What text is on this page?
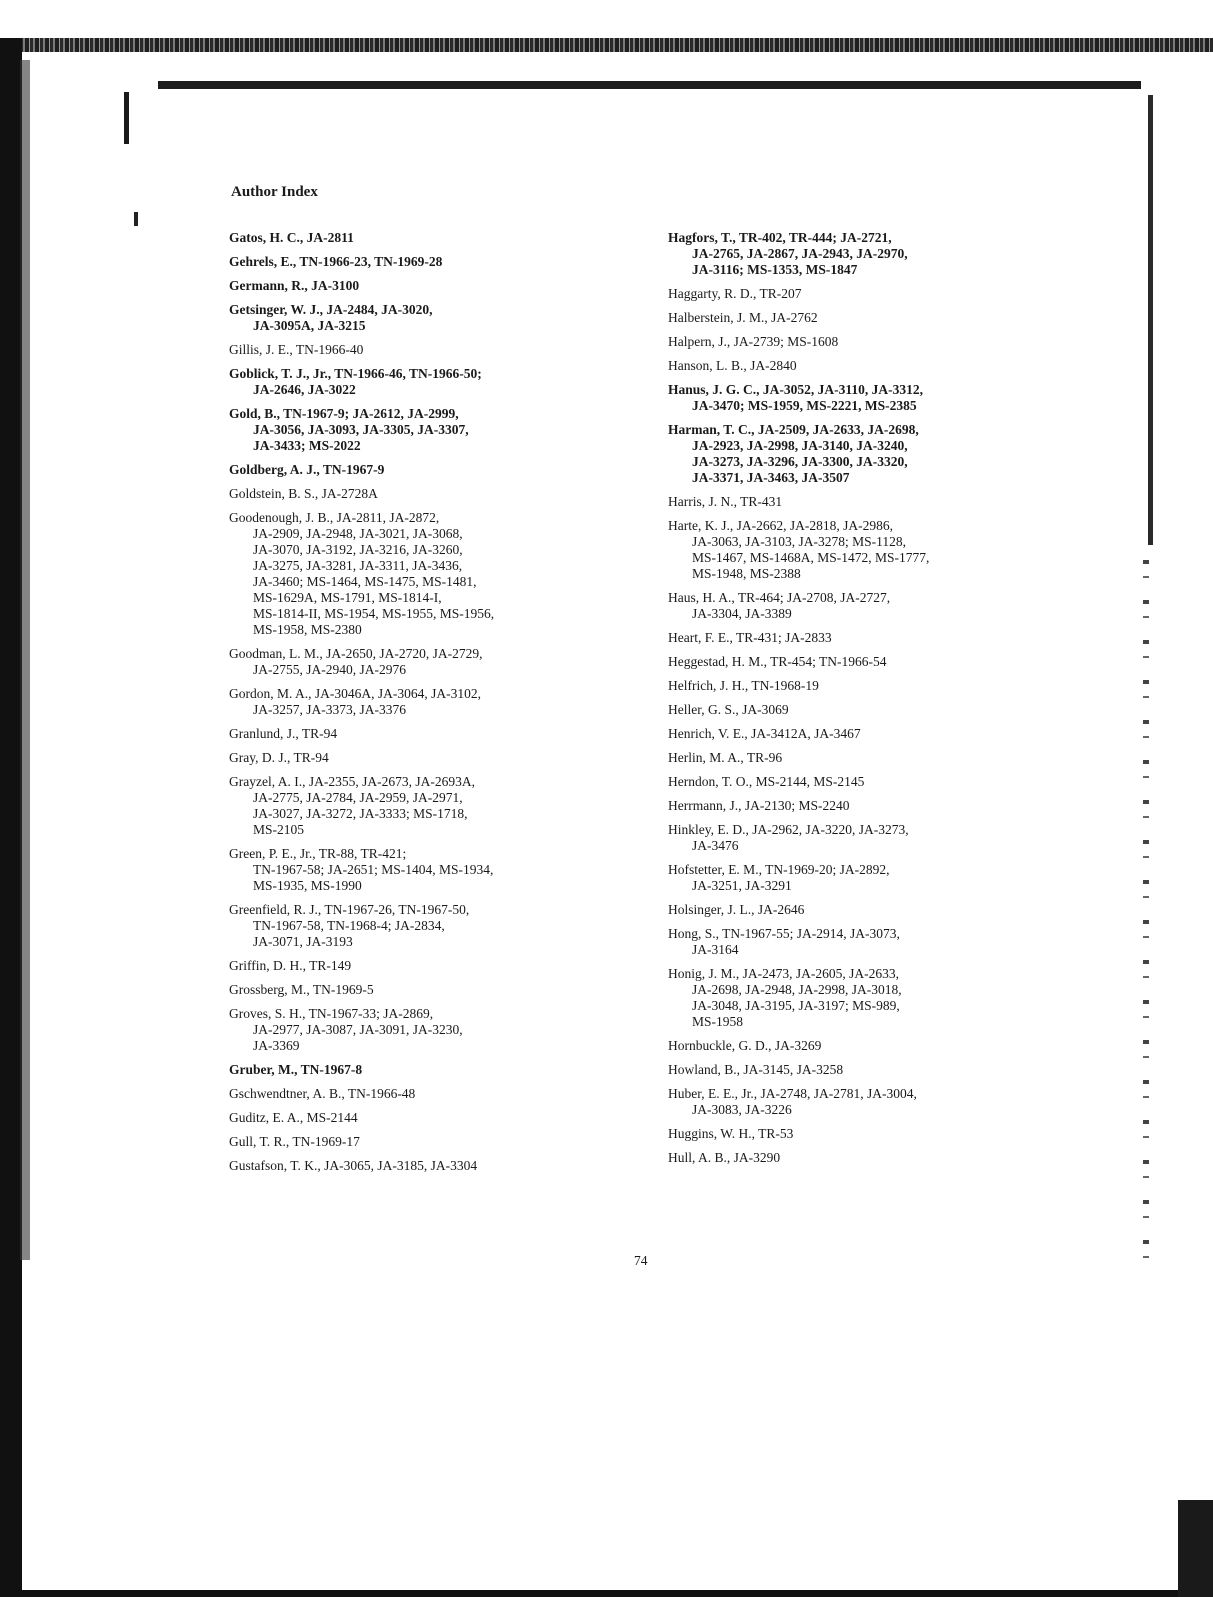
Author Index
Gatos, H. C., JA-2811
Gehrels, E., TN-1966-23, TN-1969-28
Germann, R., JA-3100
Getsinger, W. J., JA-2484, JA-3020,
JA-3095A, JA-3215
Gillis, J. E., TN-1966-40
Goblick, T. J., Jr., TN-1966-46, TN-1966-50;
JA-2646, JA-3022
Gold, B., TN-1967-9; JA-2612, JA-2999,
JA-3056, JA-3093, JA-3305, JA-3307,
JA-3433; MS-2022
Goldberg, A. J., TN-1967-9
Goldstein, B. S., JA-2728A
Goodenough, J. B., JA-2811, JA-2872,
JA-2909, JA-2948, JA-3021, JA-3068,
JA-3070, JA-3192, JA-3216, JA-3260,
JA-3275, JA-3281, JA-3311, JA-3436,
JA-3460; MS-1464, MS-1475, MS-1481,
MS-1629A, MS-1791, MS-1814-I,
MS-1814-II, MS-1954, MS-1955, MS-1956,
MS-1958, MS-2380
Goodman, L. M., JA-2650, JA-2720, JA-2729,
JA-2755, JA-2940, JA-2976
Gordon, M. A., JA-3046A, JA-3064, JA-3102,
JA-3257, JA-3373, JA-3376
Granlund, J., TR-94
Gray, D. J., TR-94
Grayzel, A. I., JA-2355, JA-2673, JA-2693A,
JA-2775, JA-2784, JA-2959, JA-2971,
JA-3027, JA-3272, JA-3333; MS-1718,
MS-2105
Green, P. E., Jr., TR-88, TR-421;
TN-1967-58; JA-2651; MS-1404, MS-1934,
MS-1935, MS-1990
Greenfield, R. J., TN-1967-26, TN-1967-50,
TN-1967-58, TN-1968-4; JA-2834,
JA-3071, JA-3193
Griffin, D. H., TR-149
Grossberg, M., TN-1969-5
Groves, S. H., TN-1967-33; JA-2869,
JA-2977, JA-3087, JA-3091, JA-3230,
JA-3369
Gruber, M., TN-1967-8
Gschwendtner, A. B., TN-1966-48
Guditz, E. A., MS-2144
Gull, T. R., TN-1969-17
Gustafson, T. K., JA-3065, JA-3185, JA-3304
Hagfors, T., TR-402, TR-444; JA-2721,
JA-2765, JA-2867, JA-2943, JA-2970,
JA-3116; MS-1353, MS-1847
Haggarty, R. D., TR-207
Halberstein, J. M., JA-2762
Halpern, J., JA-2739; MS-1608
Hanson, L. B., JA-2840
Hanus, J. G. C., JA-3052, JA-3110, JA-3312,
JA-3470; MS-1959, MS-2221, MS-2385
Harman, T. C., JA-2509, JA-2633, JA-2698,
JA-2923, JA-2998, JA-3140, JA-3240,
JA-3273, JA-3296, JA-3300, JA-3320,
JA-3371, JA-3463, JA-3507
Harris, J. N., TR-431
Harte, K. J., JA-2662, JA-2818, JA-2986,
JA-3063, JA-3103, JA-3278; MS-1128,
MS-1467, MS-1468A, MS-1472, MS-1777,
MS-1948, MS-2388
Haus, H. A., TR-464; JA-2708, JA-2727,
JA-3304, JA-3389
Heart, F. E., TR-431; JA-2833
Heggestad, H. M., TR-454; TN-1966-54
Helfrich, J. H., TN-1968-19
Heller, G. S., JA-3069
Henrich, V. E., JA-3412A, JA-3467
Herlin, M. A., TR-96
Herndon, T. O., MS-2144, MS-2145
Herrmann, J., JA-2130; MS-2240
Hinkley, E. D., JA-2962, JA-3220, JA-3273,
JA-3476
Hofstetter, E. M., TN-1969-20; JA-2892,
JA-3251, JA-3291
Holsinger, J. L., JA-2646
Hong, S., TN-1967-55; JA-2914, JA-3073,
JA-3164
Honig, J. M., JA-2473, JA-2605, JA-2633,
JA-2698, JA-2948, JA-2998, JA-3018,
JA-3048, JA-3195, JA-3197; MS-989,
MS-1958
Hornbuckle, G. D., JA-3269
Howland, B., JA-3145, JA-3258
Huber, E. E., Jr., JA-2748, JA-2781, JA-3004,
JA-3083, JA-3226
Huggins, W. H., TR-53
Hull, A. B., JA-3290
74
